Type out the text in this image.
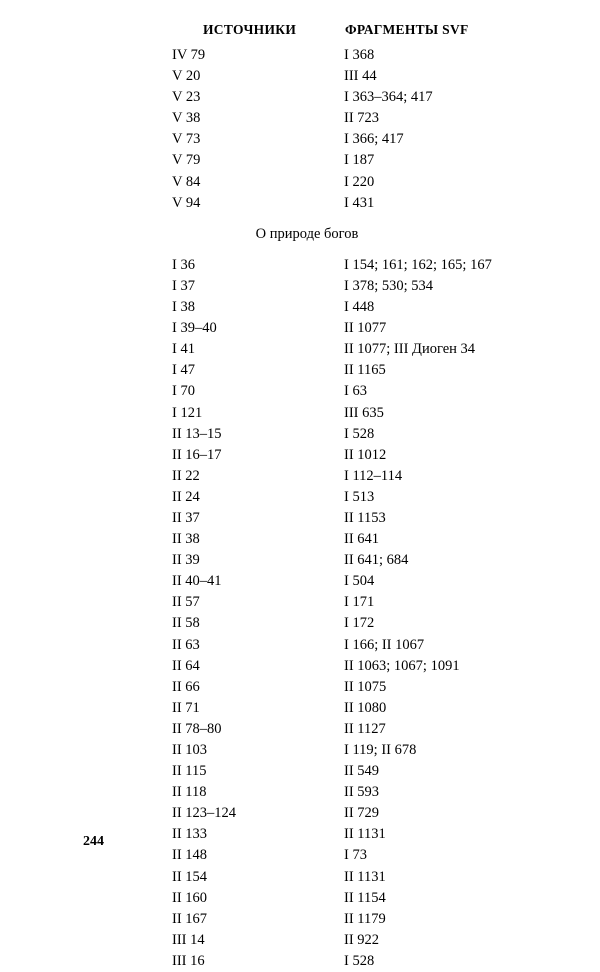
ИСТОЧНИКИ	ФРАГМЕНТЫ SVF
IV 79	I 368
V 20	III 44
V 23	I 363–364; 417
V 38	II 723
V 73	I 366; 417
V 79	I 187
V 84	I 220
V 94	I 431
О природе богов
I 36	I 154; 161; 162; 165; 167
I 37	I 378; 530; 534
I 38	I 448
I 39–40	II 1077
I 41	II 1077; III Диоген 34
I 47	II 1165
I 70	I 63
I 121	III 635
II 13–15	I 528
II 16–17	II 1012
II 22	I 112–114
II 24	I 513
II 37	II 1153
II 38	II 641
II 39	II 641; 684
II 40–41	I 504
II 57	I 171
II 58	I 172
II 63	I 166; II 1067
II 64	II 1063; 1067; 1091
II 66	II 1075
II 71	II 1080
II 78–80	II 1127
II 103	I 119; II 678
II 115	II 549
II 118	II 593
II 123–124	II 729
II 133	II 1131
II 148	I 73
II 154	II 1131
II 160	II 1154
II 167	II 1179
III 14	II 922
III 16	I 528
244
